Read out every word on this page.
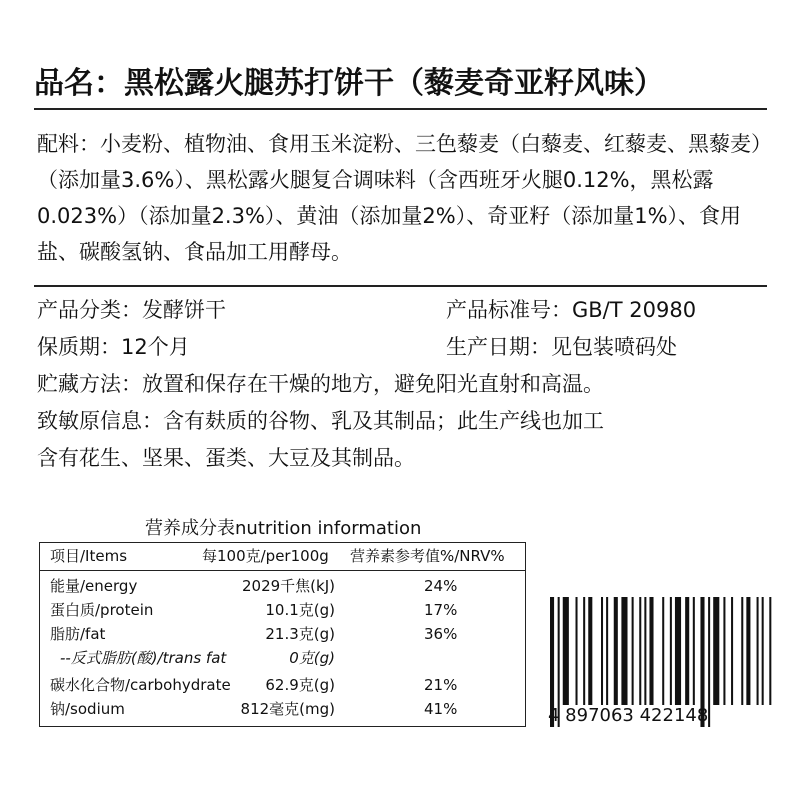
品名：黑松露火腿苏打饼干（藜麦奇亚籽风味）

配料：小麦粉、植物油、食用玉米淀粉、三色藜麦（白藜麦、红藜麦、黑藜麦）（添加量3.6%）、黑松露火腿复合调味料（含西班牙火腿0.12%，黑松露0.023%）（添加量2.3%）、黄油（添加量2%）、奇亚籽（添加量1%）、食用盐、碳酸氢钠、食品加工用酵母。

产品分类：发酵饼干	产品标准号：GB/T 20980
保质期：12个月	生产日期：见包装喷码处
贮藏方法：放置和保存在干燥的地方，避免阳光直射和高温。
致敏原信息：含有麸质的谷物、乳及其制品；此生产线也加工
含有花生、坚果、蛋类、大豆及其制品。
营养成分表nutrition information
项目/Items	每100克/per100g 营养素参考值%/NRV%
能量/energy	2029千焦(kJ)	24%
蛋白质/protein	10.1克(g)	17%
脂肪/fat	21.3克(g)	36%
--反式脂肪(酸)/trans fat	0克(g)
碳水化合物/carbohydrate 62.9克(g)	21%
钠/sodium	812毫克(mg)	41%	4 897063 422148
